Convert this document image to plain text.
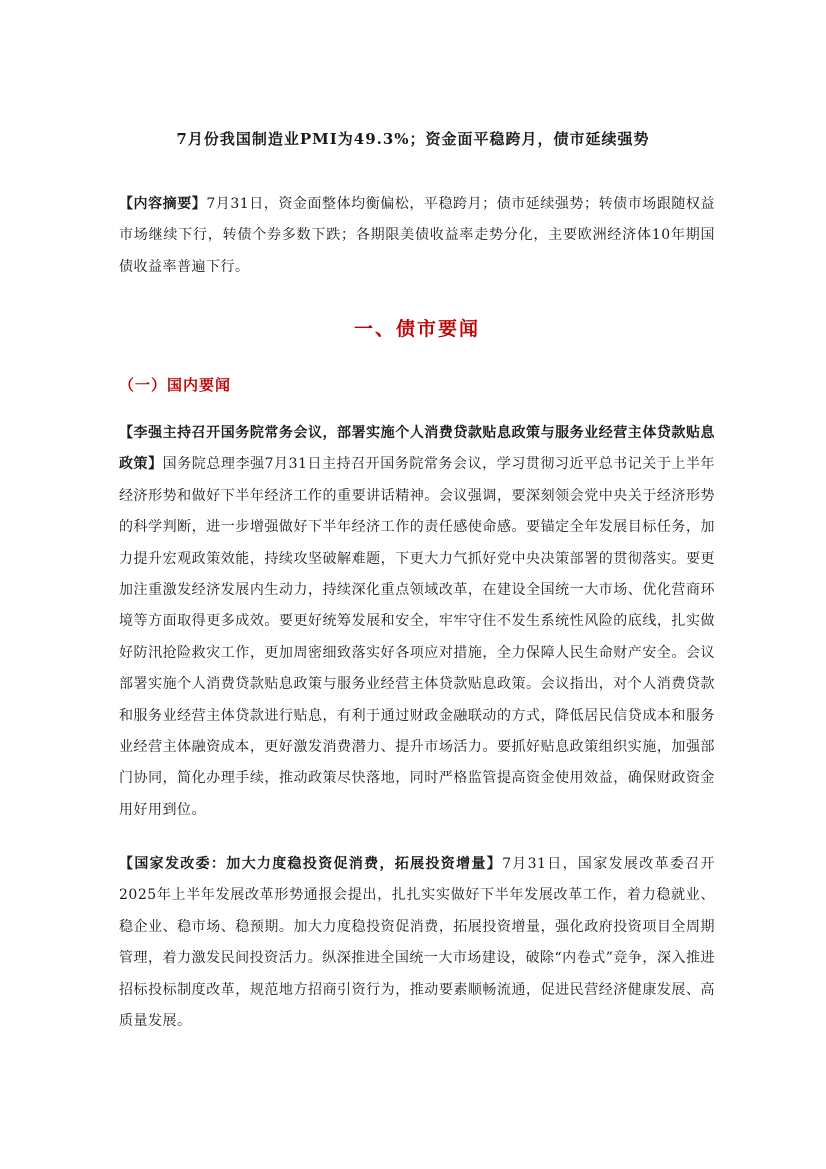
7月份我国制造业PMI为49.3%；资金面平稳跨月，债市延续强势

【内容摘要】7月31日，资金面整体均衡偏松，平稳跨月；债市延续强势；转债市场跟随权益市场继续下行，转债个券多数下跌；各期限美债收益率走势分化，主要欧洲经济体10年期国债收益率普遍下行。

一、债市要闻
（一）国内要闻

【李强主持召开国务院常务会议，部署实施个人消费贷款贴息政策与服务业经营主体贷款贴息政策】国务院总理李强7月31日主持召开国务院常务会议，学习贯彻习近平总书记关于上半年经济形势和做好下半年经济工作的重要讲话精神。会议强调，要深刻领会党中央关于经济形势的科学判断，进一步增强做好下半年经济工作的责任感使命感。要锚定全年发展目标任务，加力提升宏观政策效能，持续攻坚破解难题，下更大力气抓好党中央决策部署的贯彻落实。要更加注重激发经济发展内生动力，持续深化重点领域改革，在建设全国统一大市场、优化营商环境等方面取得更多成效。要更好统筹发展和安全，牢牢守住不发生系统性风险的底线，扎实做好防汛抢险救灾工作，更加周密细致落实好各项应对措施，全力保障人民生命财产安全。会议部署实施个人消费贷款贴息政策与服务业经营主体贷款贴息政策。会议指出，对个人消费贷款和服务业经营主体贷款进行贴息，有利于通过财政金融联动的方式，降低居民信贷成本和服务业经营主体融资成本，更好激发消费潜力、提升市场活力。要抓好贴息政策组织实施，加强部门协同，简化办理手续，推动政策尽快落地，同时严格监管提高资金使用效益，确保财政资金用好用到位。

【国家发改委：加大力度稳投资促消费，拓展投资增量】7月31日，国家发展改革委召开2025年上半年发展改革形势通报会提出，扎扎实实做好下半年发展改革工作，着力稳就业、稳企业、稳市场、稳预期。加大力度稳投资促消费，拓展投资增量，强化政府投资项目全周期管理，着力激发民间投资活力。纵深推进全国统一大市场建设，破除“内卷式”竞争，深入推进招标投标制度改革，规范地方招商引资行为，推动要素顺畅流通，促进民营经济健康发展、高质量发展。
